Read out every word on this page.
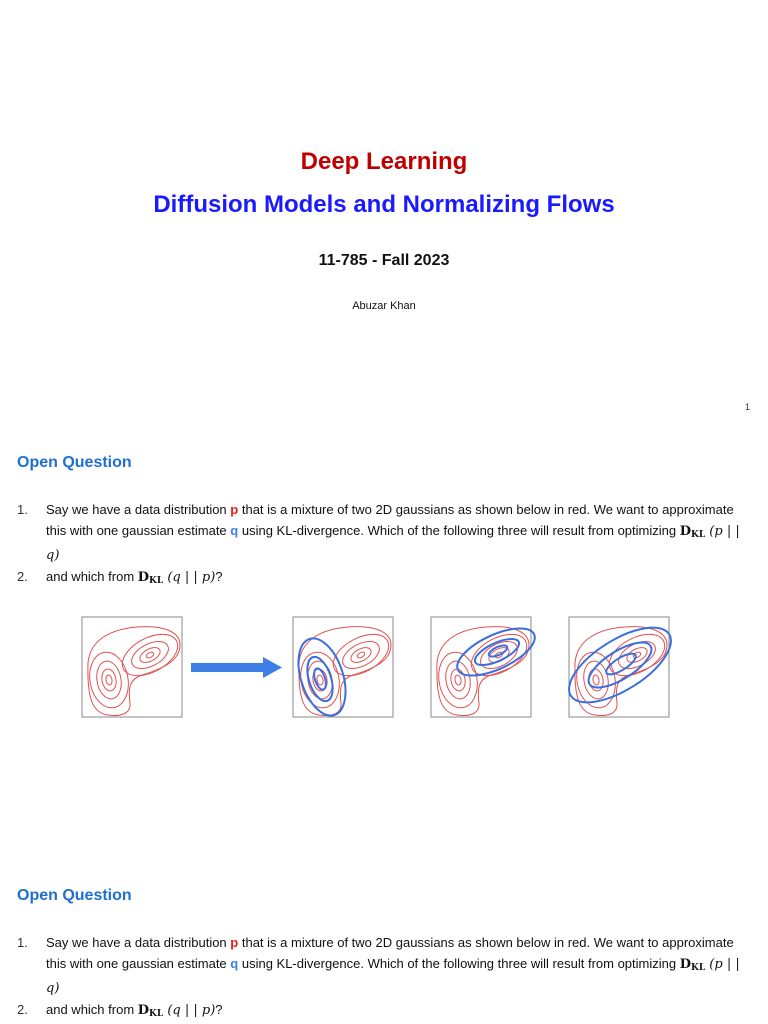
Deep Learning
Diffusion Models and Normalizing Flows
11-785 - Fall 2023
Abuzar Khan
1
Open Question
1.	Say we have a data distribution p that is a mixture of two 2D gaussians as shown below in red. We want to approximate this with one gaussian estimate q using KL-divergence. Which of the following three will result from optimizing $D_{KL}$ (p | | q)
2.	and which from $D_{KL}$ (q | | p)?
Open Question
1.	Say we have a data distribution p that is a mixture of two 2D gaussians as shown below in red. We want to approximate this with one gaussian estimate q using KL-divergence. Which of the following three will result from optimizing $D_{KL}$ (p | | q)
2.	and which from $D_{KL}$ (q | | p)?
